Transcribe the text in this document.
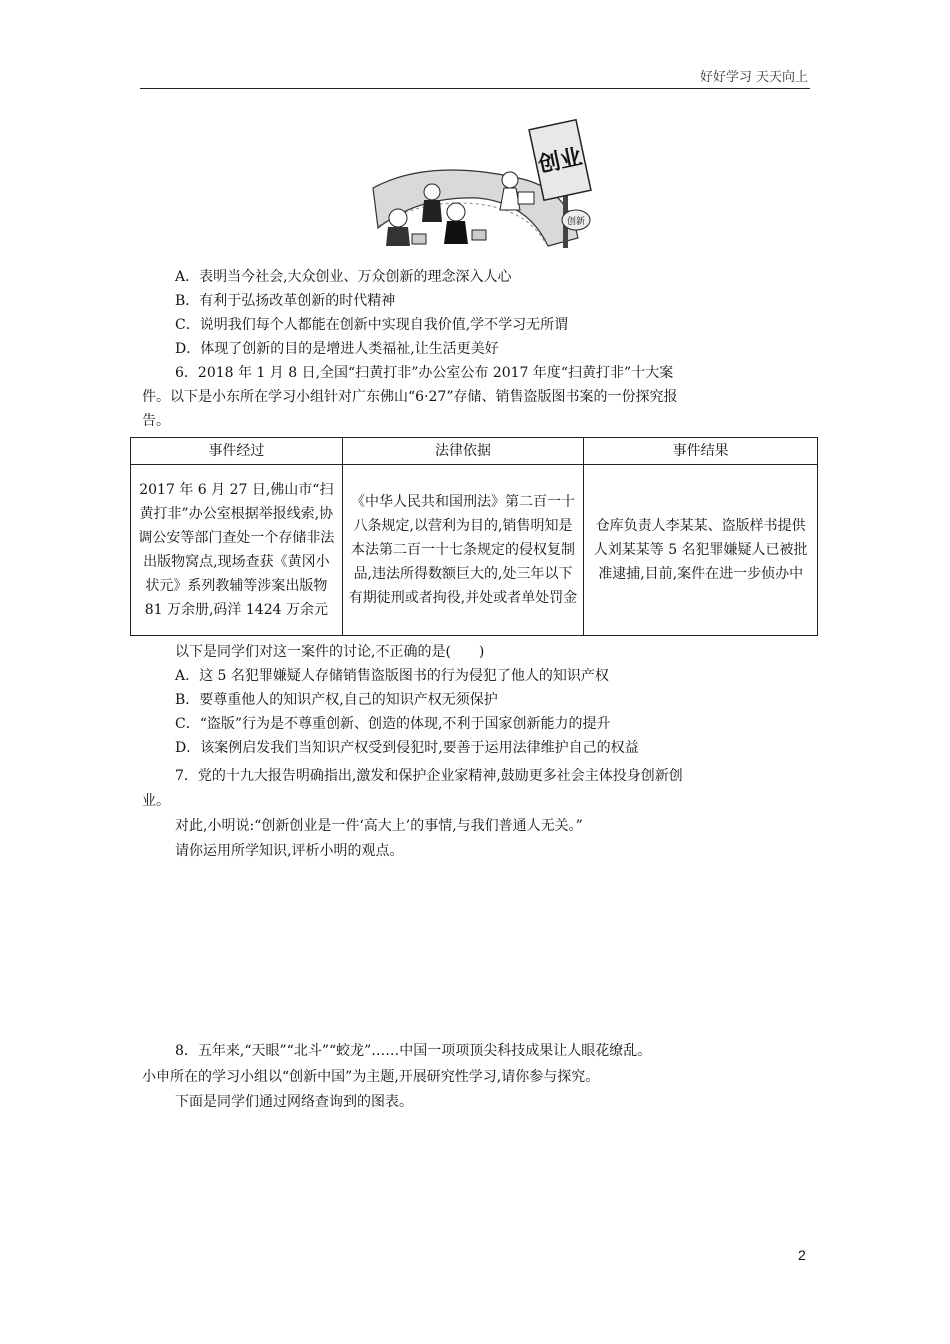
好好学习 天天向上
创业
创新
A．表明当今社会,大众创业、万众创新的理念深入人心
B．有利于弘扬改革创新的时代精神
C．说明我们每个人都能在创新中实现自我价值,学不学习无所谓
D．体现了创新的目的是增进人类福祉,让生活更美好
6．2018 年 1 月 8 日,全国“扫黄打非”办公室公布 2017 年度“扫黄打非”十大案
件。以下是小东所在学习小组针对广东佛山“6·27”存储、销售盗版图书案的一份探究报
告。
事件经过	法律依据	事件结果
2017 年 6 月 27 日,佛山市“扫黄打非”办公室根据举报线索,协调公安等部门查处一个存储非法出版物窝点,现场查获《黄冈小状元》系列教辅等涉案出版物 81 万余册,码洋 1424 万余元	《中华人民共和国刑法》第二百一十八条规定,以营利为目的,销售明知是本法第二百一十七条规定的侵权复制品,违法所得数额巨大的,处三年以下有期徒刑或者拘役,并处或者单处罚金	仓库负责人李某某、盗版样书提供人刘某某等 5 名犯罪嫌疑人已被批准逮捕,目前,案件在进一步侦办中
以下是同学们对这一案件的讨论,不正确的是(　　)
A．这 5 名犯罪嫌疑人存储销售盗版图书的行为侵犯了他人的知识产权
B．要尊重他人的知识产权,自己的知识产权无须保护
C．“盗版”行为是不尊重创新、创造的体现,不利于国家创新能力的提升
D．该案例启发我们当知识产权受到侵犯时,要善于运用法律维护自己的权益
7．党的十九大报告明确指出,激发和保护企业家精神,鼓励更多社会主体投身创新创
业。
对此,小明说:“创新创业是一件‘高大上’的事情,与我们普通人无关。”
请你运用所学知识,评析小明的观点。
8．五年来,“天眼”“北斗”“蛟龙”……中国一项项顶尖科技成果让人眼花缭乱。
小申所在的学习小组以“创新中国”为主题,开展研究性学习,请你参与探究。
下面是同学们通过网络查询到的图表。
2
